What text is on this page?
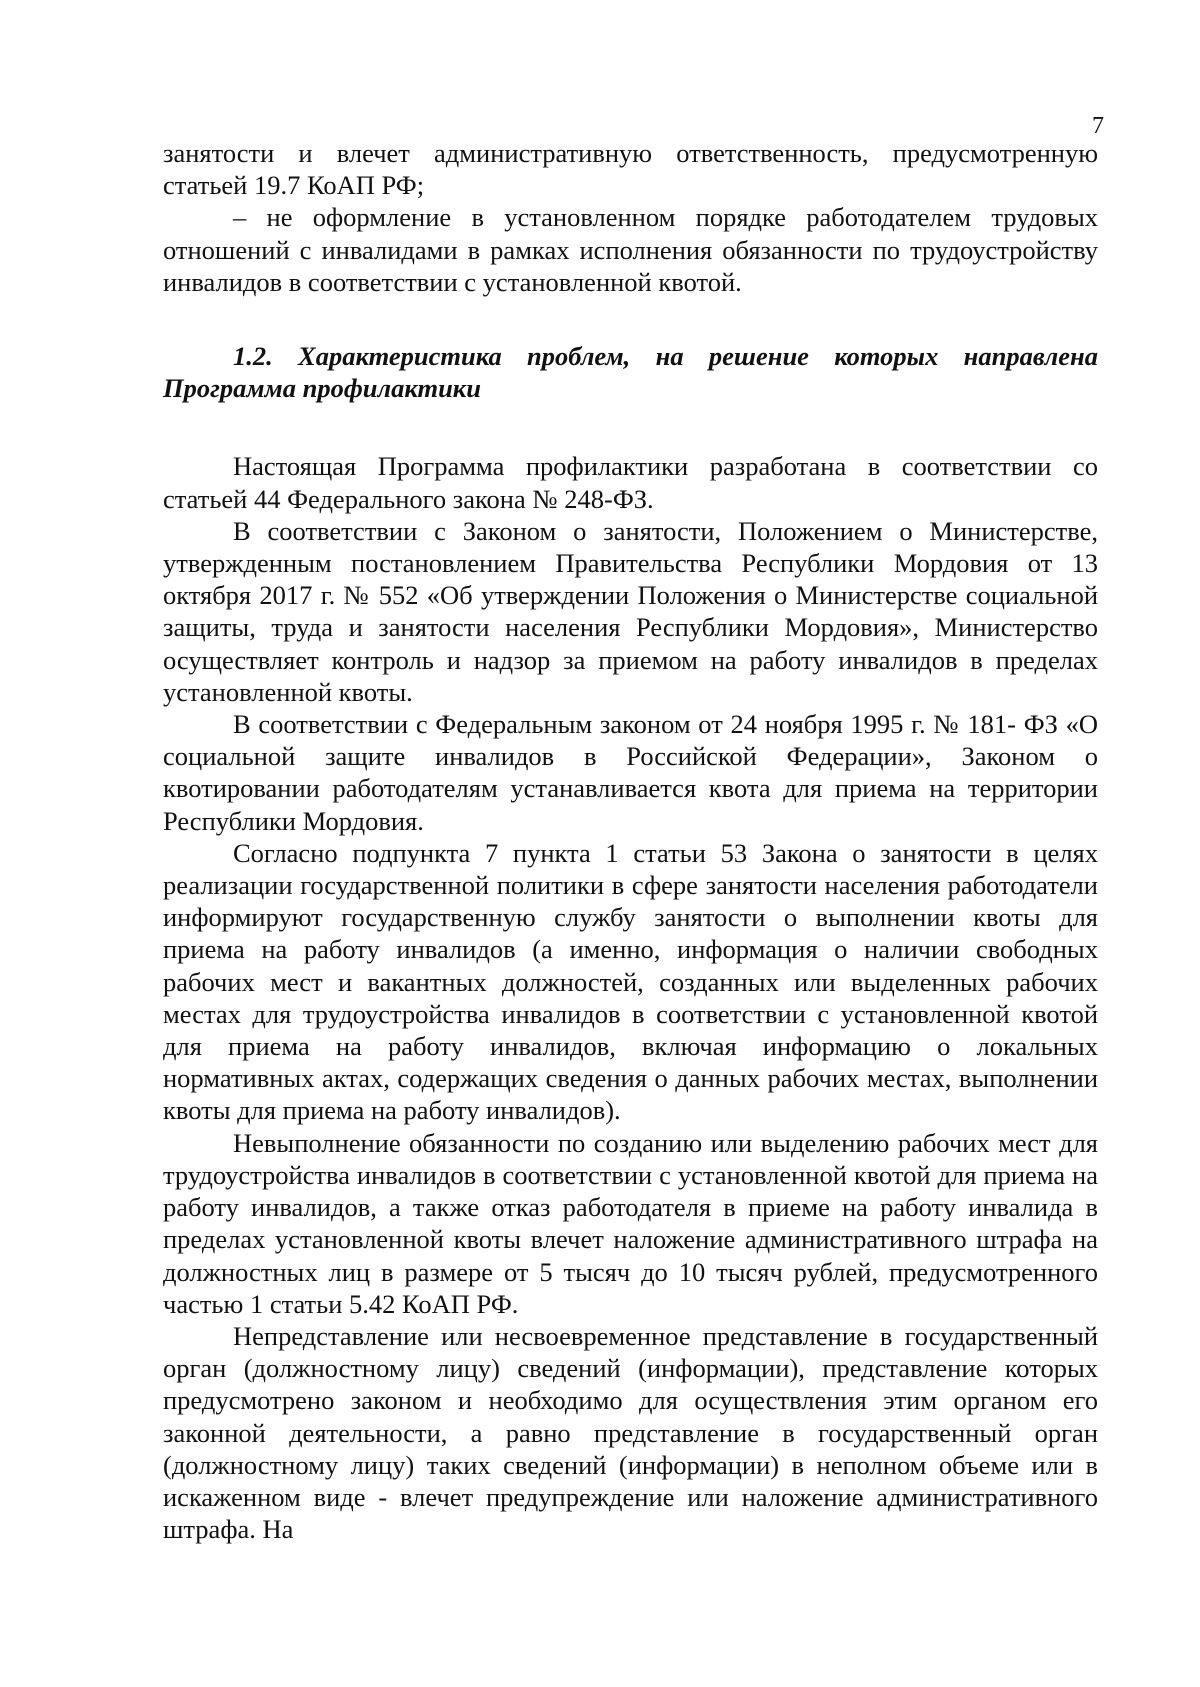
7

занятости и влечет административную ответственность, предусмотренную статьей 19.7 КоАП РФ;

– не оформление в установленном порядке работодателем трудовых отношений с инвалидами в рамках исполнения обязанности по трудоустройству инвалидов в соответствии с установленной квотой.

1.2. Характеристика проблем, на решение которых направлена Программа профилактики

Настоящая Программа профилактики разработана в соответствии со статьей 44 Федерального закона № 248-ФЗ.

В соответствии с Законом о занятости, Положением о Министерстве, утвержденным постановлением Правительства Республики Мордовия от 13 октября 2017 г. № 552 «Об утверждении Положения о Министерстве социальной защиты, труда и занятости населения Республики Мордовия», Министерство осуществляет контроль и надзор за приемом на работу инвалидов в пределах установленной квоты.

В соответствии с Федеральным законом от 24 ноября 1995 г. № 181- ФЗ «О социальной защите инвалидов в Российской Федерации», Законом о квотировании работодателям устанавливается квота для приема на территории Республики Мордовия.

Согласно подпункта 7 пункта 1 статьи 53 Закона о занятости в целях реализации государственной политики в сфере занятости населения работодатели информируют государственную службу занятости о выполнении квоты для приема на работу инвалидов (а именно, информация о наличии свободных рабочих мест и вакантных должностей, созданных или выделенных рабочих местах для трудоустройства инвалидов в соответствии с установленной квотой для приема на работу инвалидов, включая информацию о локальных нормативных актах, содержащих сведения о данных рабочих местах, выполнении квоты для приема на работу инвалидов).

Невыполнение обязанности по созданию или выделению рабочих мест для трудоустройства инвалидов в соответствии с установленной квотой для приема на работу инвалидов, а также отказ работодателя в приеме на работу инвалида в пределах установленной квоты влечет наложение административного штрафа на должностных лиц в размере от 5 тысяч до 10 тысяч рублей, предусмотренного частью 1 статьи 5.42 КоАП РФ.

Непредставление или несвоевременное представление в государственный орган (должностному лицу) сведений (информации), представление которых предусмотрено законом и необходимо для осуществления этим органом его законной деятельности, а равно представление в государственный орган (должностному лицу) таких сведений (информации) в неполном объеме или в искаженном виде - влечет предупреждение или наложение административного штрафа. На
